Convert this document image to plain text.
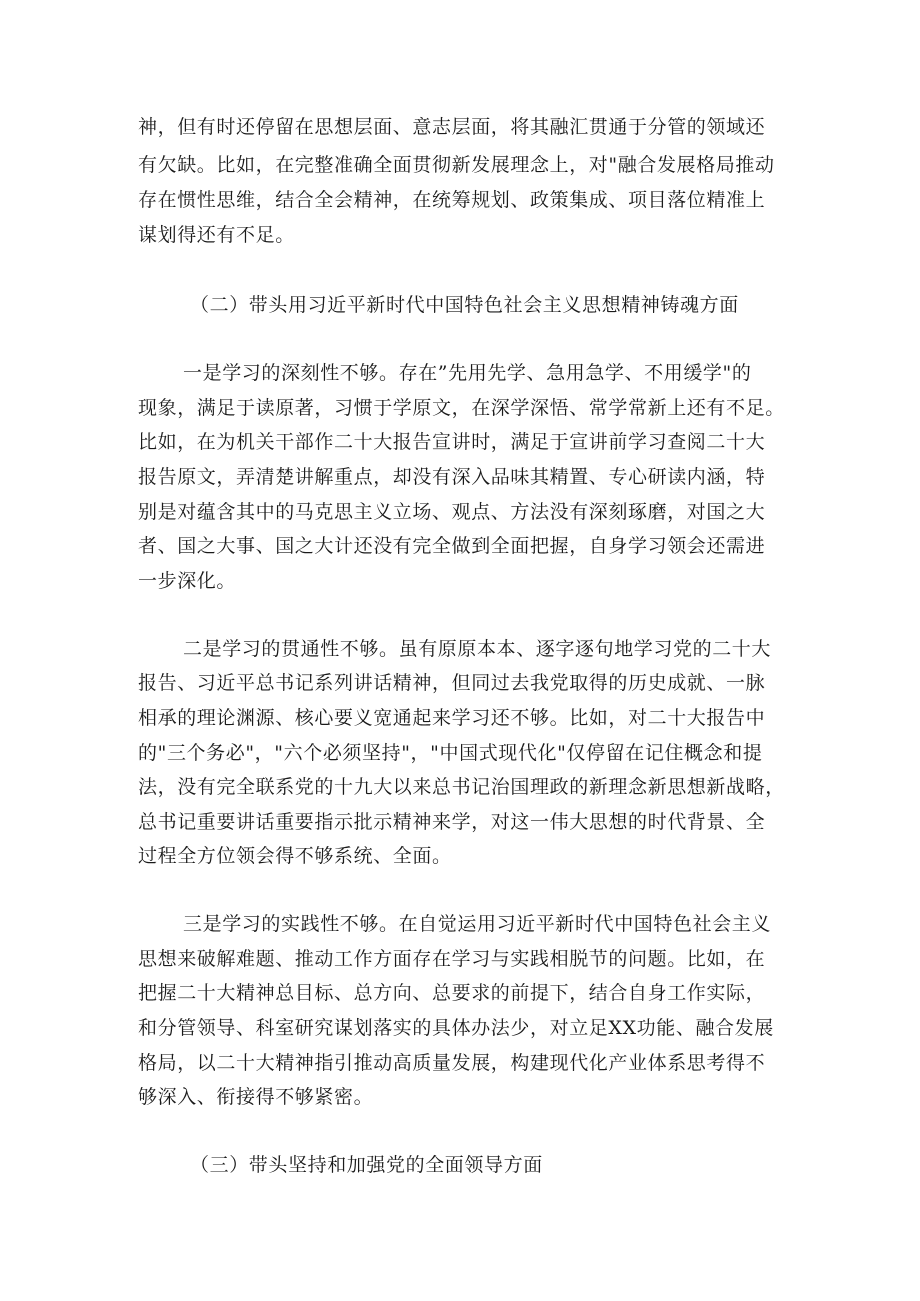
神，但有时还停留在思想层面、意志层面，将其融汇贯通于分管的领域还

有欠缺。比如，在完整准确全面贯彻新发展理念上，对"融合发展格局推动

存在惯性思维，结合全会精神，在统筹规划、政策集成、项目落位精准上

谋划得还有不足。

（二）带头用习近平新时代中国特色社会主义思想精神铸魂方面

一是学习的深刻性不够。存在”先用先学、急用急学、不用缓学"的

现象，满足于读原著，习惯于学原文，在深学深悟、常学常新上还有不足。

比如，在为机关干部作二十大报告宣讲时，满足于宣讲前学习查阅二十大

报告原文，弄清楚讲解重点，却没有深入品味其精置、专心研读内涵，特

别是对蕴含其中的马克思主义立场、观点、方法没有深刻琢磨，对国之大

者、国之大事、国之大计还没有完全做到全面把握，自身学习领会还需进

一步深化。

二是学习的贯通性不够。虽有原原本本、逐字逐句地学习党的二十大

报告、习近平总书记系列讲话精神，但同过去我党取得的历史成就、一脉

相承的理论渊源、核心要义宽通起来学习还不够。比如，对二十大报告中

的"三个务必"，"六个必须坚持"，"中国式现代化"仅停留在记住概念和提

法，没有完全联系党的十九大以来总书记治国理政的新理念新思想新战略，

总书记重要讲话重要指示批示精神来学，对这一伟大思想的时代背景、全

过程全方位领会得不够系统、全面。

三是学习的实践性不够。在自觉运用习近平新时代中国特色社会主义

思想来破解难题、推动工作方面存在学习与实践相脱节的问题。比如，在

把握二十大精神总目标、总方向、总要求的前提下，结合自身工作实际，

和分管领导、科室研究谋划落实的具体办法少，对立足XX功能、融合发展

格局，以二十大精神指引推动高质量发展，构建现代化产业体系思考得不

够深入、衔接得不够紧密。

（三）带头坚持和加强党的全面领导方面
